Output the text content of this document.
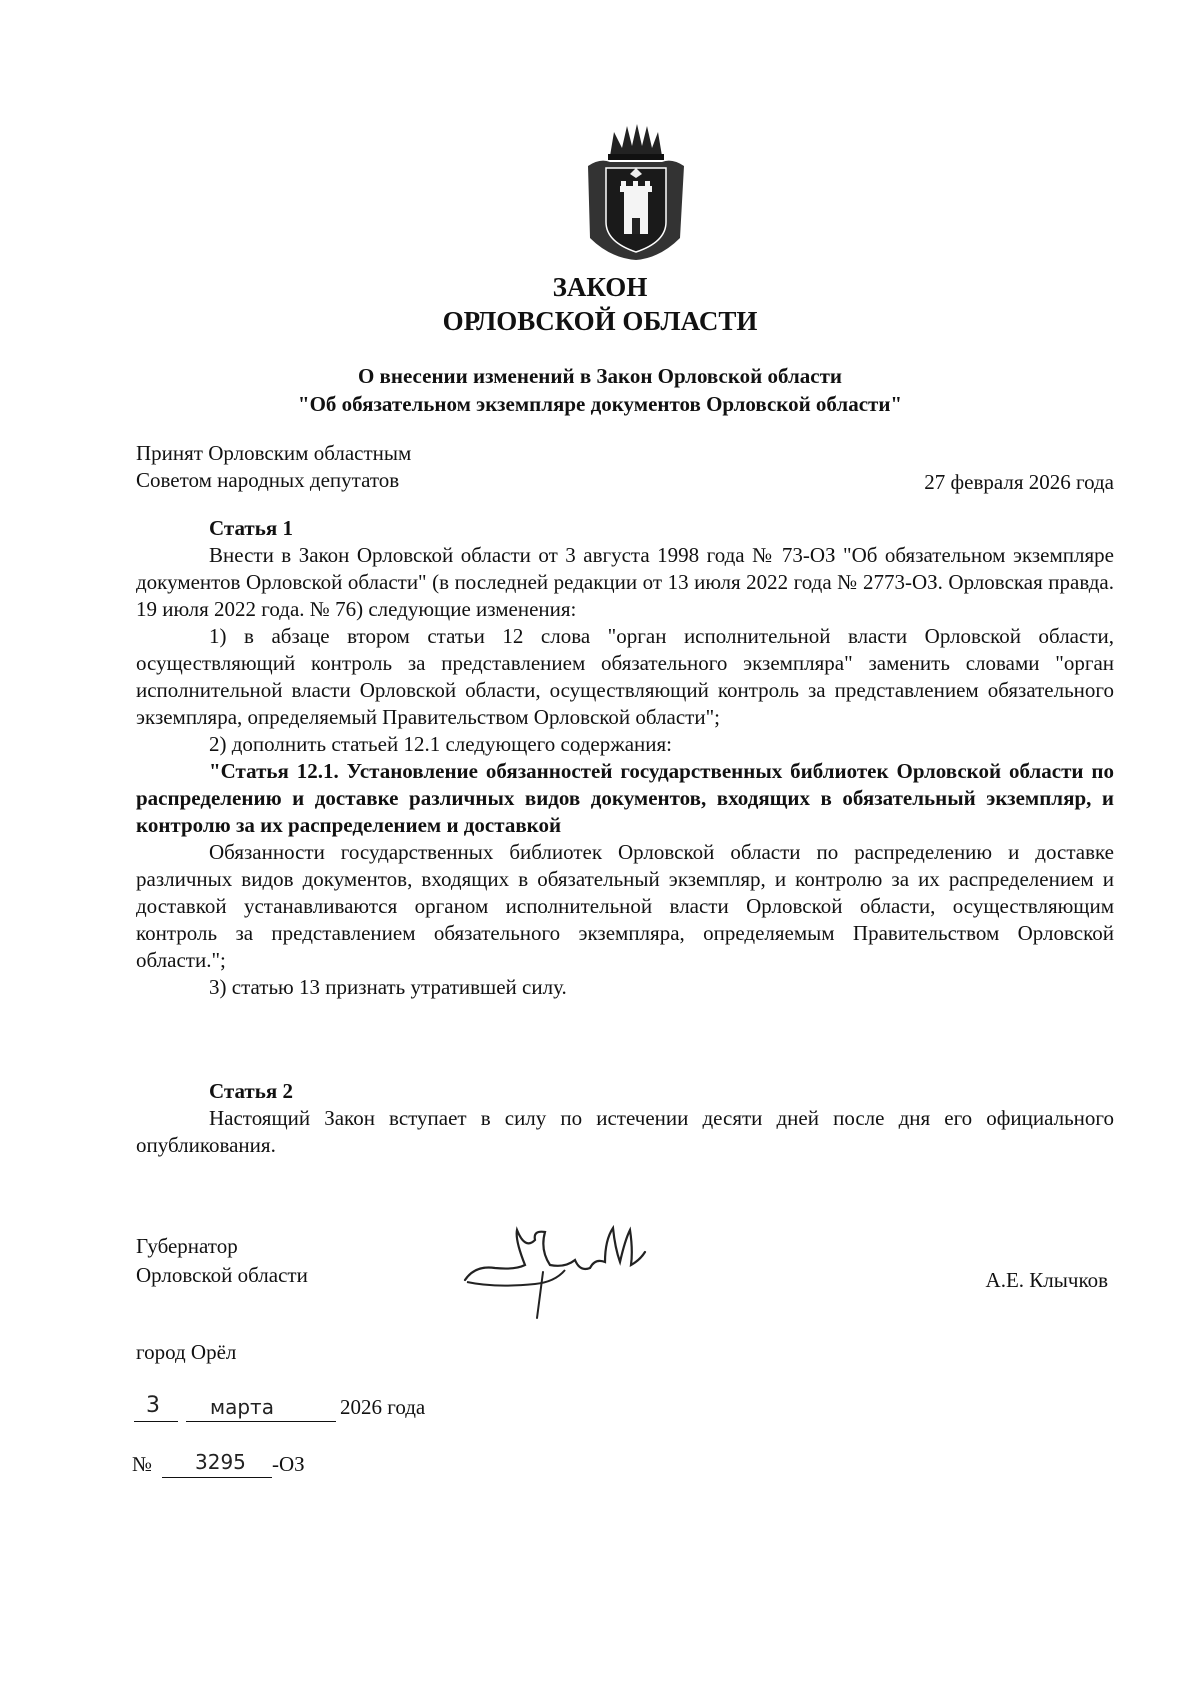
ЗАКОН
ОРЛОВСКОЙ ОБЛАСТИ
О внесении изменений в Закон Орловской области
"Об обязательном экземпляре документов Орловской области"
Принят Орловским областным
Советом народных депутатов	27 февраля 2026 года

Статья 1

Внести в Закон Орловской области от 3 августа 1998 года № 73-ОЗ "Об обязательном экземпляре документов Орловской области" (в последней редакции от 13 июля 2022 года № 2773-ОЗ. Орловская правда. 19 июля 2022 года. № 76) следующие изменения:

1) в абзаце втором статьи 12 слова "орган исполнительной власти Орловской области, осуществляющий контроль за представлением обязательного экземпляра" заменить словами "орган исполнительной власти Орловской области, осуществляющий контроль за представлением обязательного экземпляра, определяемый Правительством Орловской области";

2) дополнить статьей 12.1 следующего содержания:

"Статья 12.1. Установление обязанностей государственных библиотек Орловской области по распределению и доставке различных видов документов, входящих в обязательный экземпляр, и контролю за их распределением и доставкой

Обязанности государственных библиотек Орловской области по распределению и доставке различных видов документов, входящих в обязательный экземпляр, и контролю за их распределением и доставкой устанавливаются органом исполнительной власти Орловской области, осуществляющим контроль за представлением обязательного экземпляра, определяемым Правительством Орловской области.";

3) статью 13 признать утратившей силу.

Статья 2

Настоящий Закон вступает в силу по истечении десяти дней после дня его официального опубликования.

Губернатор
Орловской области	А.Е. Клычков
город Орёл
3	марта	2026 года
№ 3295 -ОЗ
